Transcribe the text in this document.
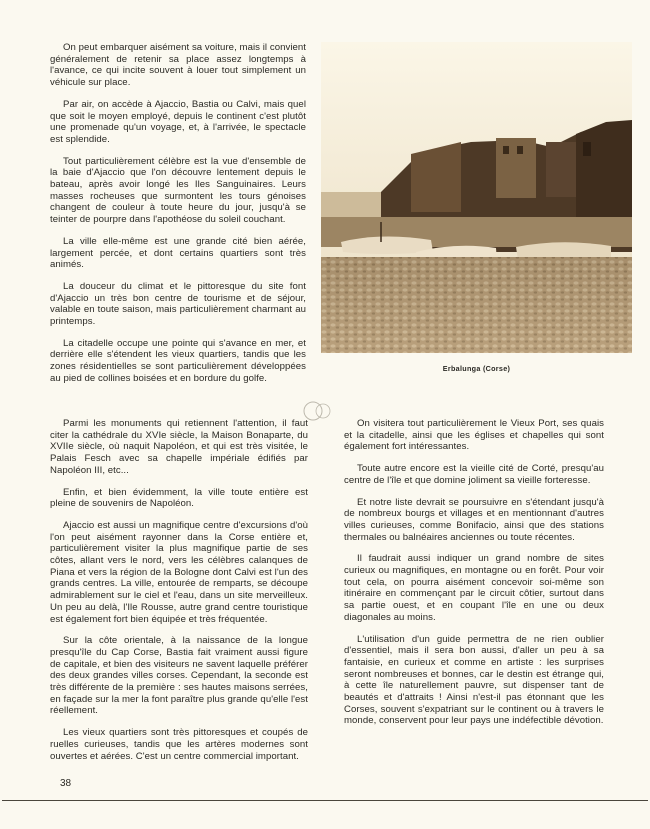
On peut embarquer aisément sa voiture, mais il convient généralement de retenir sa place assez longtemps à l'avance, ce qui incite souvent à louer tout simplement un véhicule sur place.

Par air, on accède à Ajaccio, Bastia ou Calvi, mais quel que soit le moyen employé, depuis le continent c'est plutôt une promenade qu'un voyage, et, à l'arrivée, le spectacle est splendide.

Tout particulièrement célèbre est la vue d'ensemble de la baie d'Ajaccio que l'on découvre lentement depuis le bateau, après avoir longé les Iles Sanguinaires. Leurs masses rocheuses que surmontent les tours génoises changent de couleur à toute heure du jour, jusqu'à se teinter de pourpre dans l'apothéose du soleil couchant.

La ville elle-même est une grande cité bien aérée, largement percée, et dont certains quartiers sont très animés.

La douceur du climat et le pittoresque du site font d'Ajaccio un très bon centre de tourisme et de séjour, valable en toute saison, mais particulièrement charmant au printemps.

La citadelle occupe une pointe qui s'avance en mer, et derrière elle s'étendent les vieux quartiers, tandis que les zones résidentielles se sont particulièrement développées au pied de collines boisées et en bordure du golfe.

Erbalunga (Corse)

Parmi les monuments qui retiennent l'attention, il faut citer la cathédrale du XVIe siècle, la Maison Bonaparte, du XVIIe siècle, où naquit Napoléon, et qui est très visitée, le Palais Fesch avec sa chapelle impériale édifiés par Napoléon III, etc...

Enfin, et bien évidemment, la ville toute entière est pleine de souvenirs de Napoléon.

Ajaccio est aussi un magnifique centre d'excursions d'où l'on peut aisément rayonner dans la Corse entière et, particulièrement visiter la plus magnifique partie de ses côtes, allant vers le nord, vers les célèbres calanques de Piana et vers la région de la Bologne dont Calvi est l'un des grands centres. La ville, entourée de remparts, se découpe admirablement sur le ciel et l'eau, dans un site merveilleux. Un peu au delà, l'Ile Rousse, autre grand centre touristique est également fort bien équipée et très fréquentée.

Sur la côte orientale, à la naissance de la longue presqu'île du Cap Corse, Bastia fait vraiment aussi figure de capitale, et bien des visiteurs ne savent laquelle préférer des deux grandes villes corses. Cependant, la seconde est très différente de la première : ses hautes maisons serrées, en façade sur la mer la font paraître plus grande qu'elle l'est réellement.

Les vieux quartiers sont très pittoresques et coupés de ruelles curieuses, tandis que les artères modernes sont ouvertes et aérées. C'est un centre commercial important.

On visitera tout particulièrement le Vieux Port, ses quais et la citadelle, ainsi que les églises et chapelles qui sont également fort intéressantes.

Toute autre encore est la vieille cité de Corté, presqu'au centre de l'île et que domine joliment sa vieille forteresse.

Et notre liste devrait se poursuivre en s'étendant jusqu'à de nombreux bourgs et villages et en mentionnant d'autres villes curieuses, comme Bonifacio, ainsi que des stations thermales ou balnéaires anciennes ou toute récentes.

Il faudrait aussi indiquer un grand nombre de sites curieux ou magnifiques, en montagne ou en forêt. Pour voir tout cela, on pourra aisément concevoir soi-même son itinéraire en commençant par le circuit côtier, surtout dans sa partie ouest, et en coupant l'île en une ou deux diagonales au moins.

L'utilisation d'un guide permettra de ne rien oublier d'essentiel, mais il sera bon aussi, d'aller un peu à sa fantaisie, en curieux et comme en artiste : les surprises seront nombreuses et bonnes, car le destin est étrange qui, à cette île naturellement pauvre, sut dispenser tant de beautés et d'attraits ! Ainsi n'est-il pas étonnant que les Corses, souvent s'expatriant sur le continent ou à travers le monde, conservent pour leur pays une indéfectible dévotion.

38
